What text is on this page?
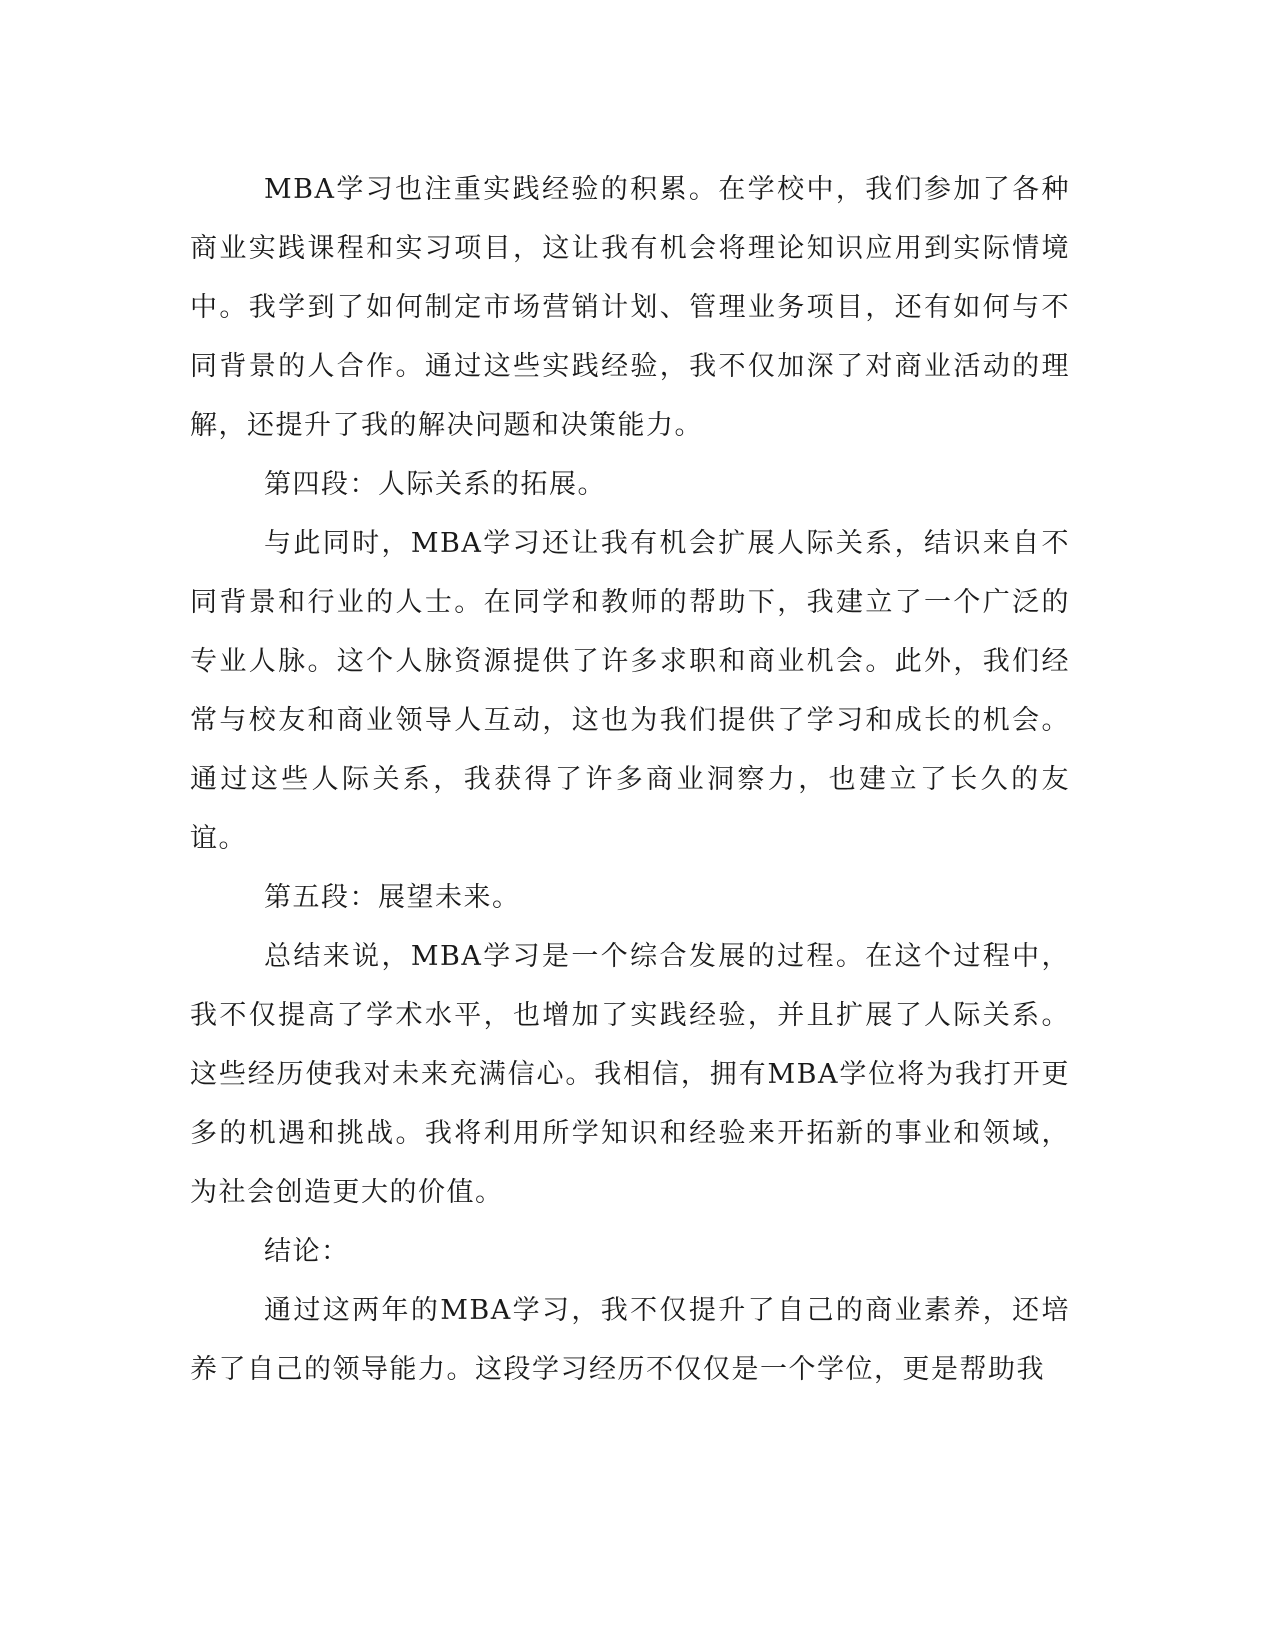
MBA学习也注重实践经验的积累。在学校中，我们参加了各种商业实践课程和实习项目，这让我有机会将理论知识应用到实际情境中。我学到了如何制定市场营销计划、管理业务项目，还有如何与不同背景的人合作。通过这些实践经验，我不仅加深了对商业活动的理解，还提升了我的解决问题和决策能力。

第四段：人际关系的拓展。

与此同时，MBA学习还让我有机会扩展人际关系，结识来自不同背景和行业的人士。在同学和教师的帮助下，我建立了一个广泛的专业人脉。这个人脉资源提供了许多求职和商业机会。此外，我们经常与校友和商业领导人互动，这也为我们提供了学习和成长的机会。通过这些人际关系，我获得了许多商业洞察力，也建立了长久的友谊。

第五段：展望未来。

总结来说，MBA学习是一个综合发展的过程。在这个过程中，我不仅提高了学术水平，也增加了实践经验，并且扩展了人际关系。这些经历使我对未来充满信心。我相信，拥有MBA学位将为我打开更多的机遇和挑战。我将利用所学知识和经验来开拓新的事业和领域，为社会创造更大的价值。

结论：

通过这两年的MBA学习，我不仅提升了自己的商业素养，还培养了自己的领导能力。这段学习经历不仅仅是一个学位，更是帮助我
